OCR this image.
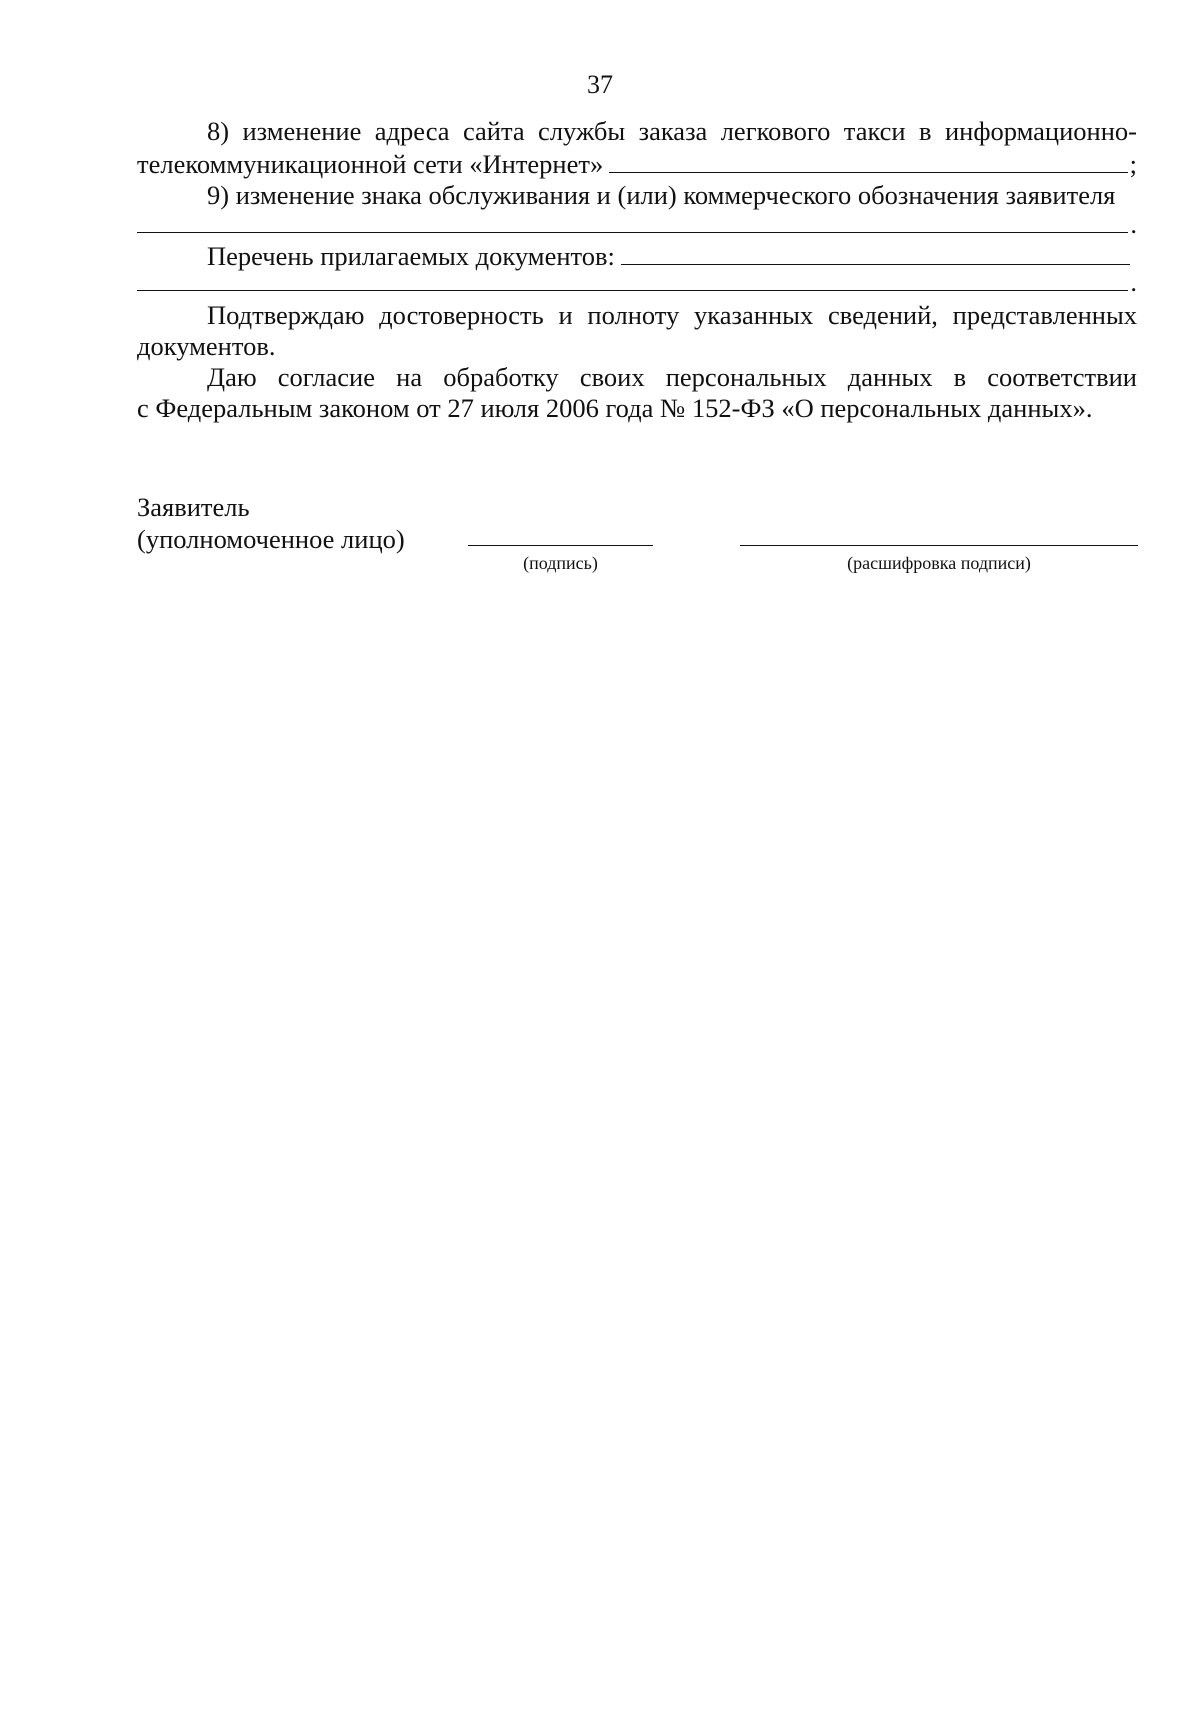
37
8) изменение адреса сайта службы заказа легкового такси в информационно-
телекоммуникационной сети «Интернет»	;
9) изменение знака обслуживания и (или) коммерческого обозначения заявителя
.
Перечень прилагаемых документов:
.
Подтверждаю достоверность и полноту указанных сведений, представленных
документов.
Даю согласие на обработку своих персональных данных в соответствии
с Федеральным законом от 27 июля 2006 года № 152-ФЗ «О персональных данных».
Заявитель
(уполномоченное лицо)
(подпись)	(расшифровка подписи)
